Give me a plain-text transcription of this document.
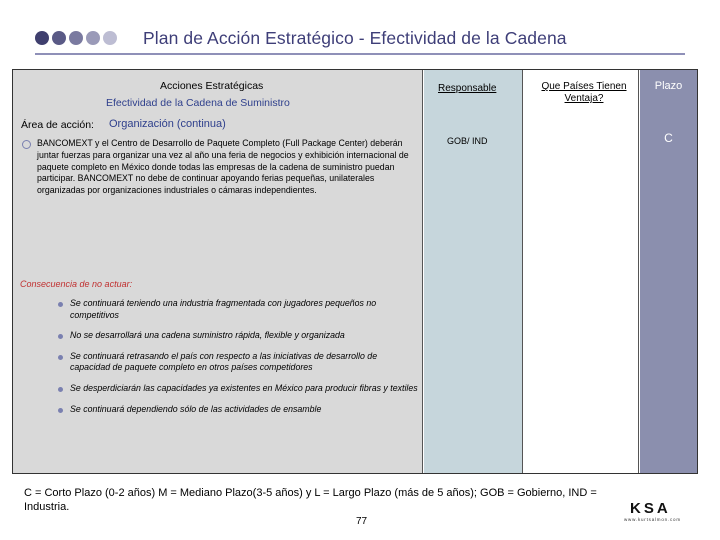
Plan de Acción Estratégico - Efectividad de la Cadena
Acciones Estratégicas
Efectividad de la Cadena de Suministro
Responsable	Que Países Tienen Ventaja?
Plazo
Área de acción: Organización (continua)
BANCOMEXT y el Centro de Desarrollo de Paquete Completo (Full Package Center) deberán juntar fuerzas para organizar una vez al año una feria de negocios y exhibición internacional de paquete completo en México donde todas las empresas de la cadena de suministro puedan participar. BANCOMEXT no debe de continuar apoyando ferias pequeñas, unilaterales organizadas por organizaciones industriales o cámaras independientes.
GOB/ IND	C
Consecuencia de no actuar:
Se continuará teniendo una industria fragmentada con jugadores pequeños no competitivos
No se desarrollará una cadena suministro rápida, flexible y organizada
Se continuará retrasando el país con respecto a las iniciativas de desarrollo de capacidad de paquete completo en otros países competidores
Se desperdiciarán las capacidades ya existentes en México para producir fibras y textiles
Se continuará dependiendo sólo de las actividades de ensamble
C = Corto Plazo (0-2 años) M = Mediano Plazo(3-5 años) y L = Largo Plazo (más de 5 años); GOB = Gobierno, IND = Industria.
77
KSA
www.kurtsalmon.com
